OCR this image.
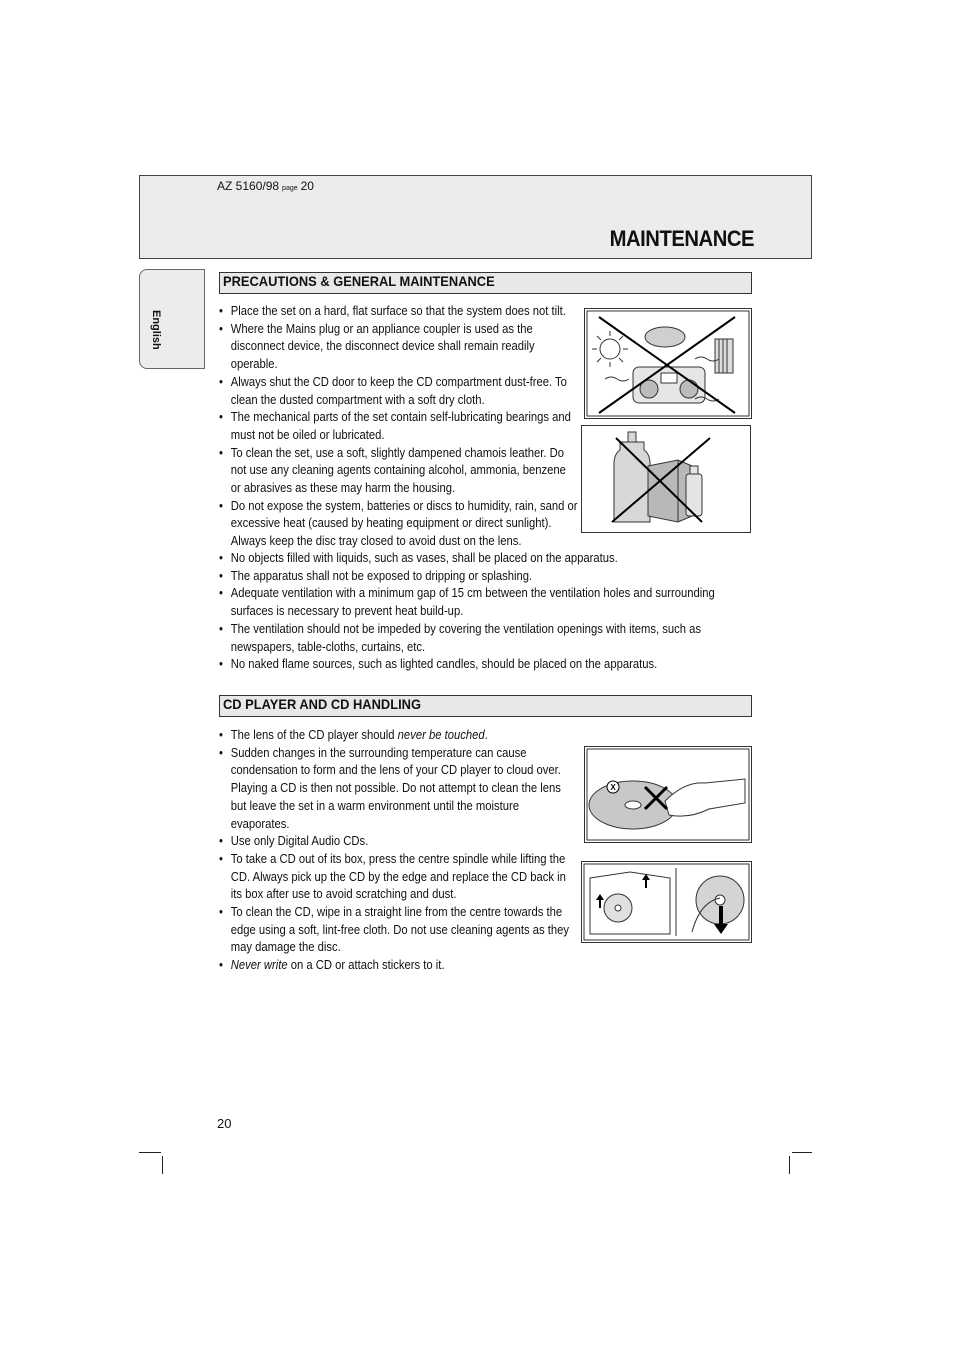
AZ 5160/98 page 20
MAINTENANCE
English
PRECAUTIONS & GENERAL MAINTENANCE
• Place the set on a hard, flat surface so that the system does not tilt.
• Where the Mains plug or an appliance coupler is used as the disconnect device, the disconnect device shall remain readily operable.
• Always shut the CD door to keep the CD compartment dust-free. To clean the dusted compartment with a soft dry cloth.
• The mechanical parts of the set contain self-lubricating bearings and must not be oiled or lubricated.
• To clean the set, use a soft, slightly dampened chamois leather. Do not use any cleaning agents containing alcohol, ammonia, benzene or abrasives as these may harm the housing.
• Do not expose the system, batteries or discs to humidity, rain, sand or excessive heat (caused by heating equipment or direct sunlight). Always keep the disc tray closed to avoid dust on the lens.
• No objects filled with liquids, such as vases, shall be placed on the apparatus.
• The apparatus shall not be exposed to dripping or splashing.
• Adequate ventilation with a minimum gap of 15 cm between the ventilation holes and surrounding surfaces is necessary to prevent heat build-up.
• The ventilation should not be impeded by covering the ventilation openings with items, such as newspapers, table-cloths, curtains, etc.
• No naked flame sources, such as lighted candles, should be placed on the apparatus.
CD PLAYER AND CD HANDLING
• The lens of the CD player should never be touched.
• Sudden changes in the surrounding temperature can cause condensation to form and the lens of your CD player to cloud over. Playing a CD is then not possible. Do not attempt to clean the lens but leave the set in a warm environment until the moisture evaporates.
• Use only Digital Audio CDs.
• To take a CD out of its box, press the centre spindle while lifting the CD. Always pick up the CD by the edge and replace the CD back in its box after use to avoid scratching and dust.
• To clean the CD, wipe in a straight line from the centre towards the edge using a soft, lint-free cloth. Do not use cleaning agents as they may damage the disc.
• Never write on a CD or attach stickers to it.
X
20
